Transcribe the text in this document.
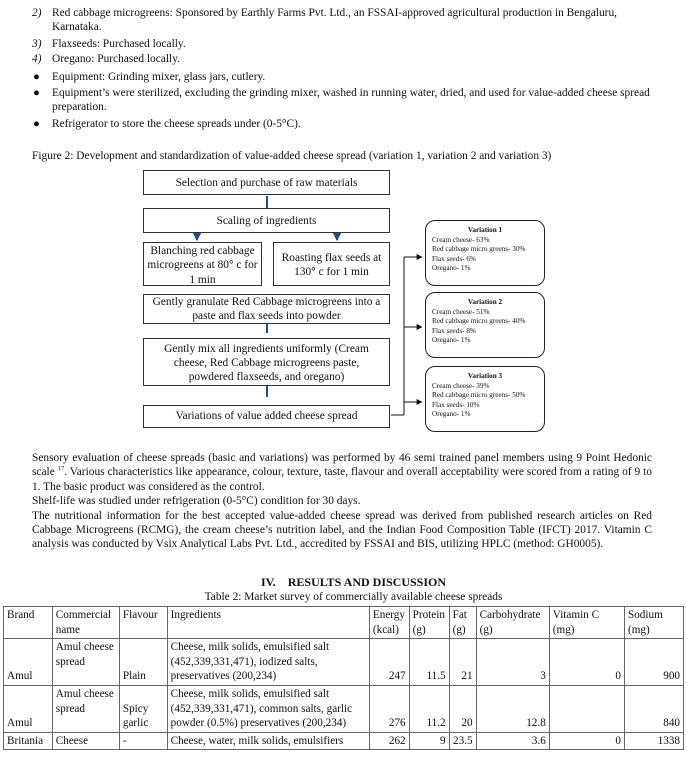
2) Red cabbage microgreens: Sponsored by Earthly Farms Pvt. Ltd., an FSSAI-approved agricultural production in Bengaluru, Karnataka.
3) Flaxseeds: Purchased locally.
4) Oregano: Purchased locally.
● Equipment: Grinding mixer, glass jars, cutlery.
● Equipment’s were sterilized, excluding the grinding mixer, washed in running water, dried, and used for value-added cheese spread preparation.
● Refrigerator to store the cheese spreads under (0-5°C).
Figure 2: Development and standardization of value-added cheese spread (variation 1, variation 2 and variation 3)
Selection and purchase of raw materials
Scaling of ingredients
Blanching red cabbage microgreens at 80° c for 1 min
Roasting flax seeds at 130° c for 1 min
Gently granulate Red Cabbage microgreens into a paste and flax seeds into powder
Gently mix all ingredients uniformly (Cream cheese, Red Cabbage microgreens paste, powdered flaxseeds, and oregano)
Variations of value added cheese spread
Variation 1
Cream cheese- 63%
Red cabbage micro greens- 30%
Flax seeds- 6%
Oregano- 1%
Variation 2
Cream cheese- 51%
Red cabbage micro greens- 40%
Flax seeds- 8%
Oregano- 1%
Variation 3
Cream cheese- 39%
Red cabbage micro greens- 50%
Flax seeds- 10%
Oregano- 1%

Sensory evaluation of cheese spreads (basic and variations) was performed by 46 semi trained panel members using 9 Point Hedonic scale $^{17}$. Various characteristics like appearance, colour, texture, taste, flavour and overall acceptability were scored from a rating of 9 to 1. The basic product was considered as the control.

Shelf-life was studied under refrigeration (0-5°C) condition for 30 days.

The nutritional information for the best accepted value-added cheese spread was derived from published research articles on Red Cabbage Microgreens (RCMG), the cream cheese’s nutrition label, and the Indian Food Composition Table (IFCT) 2017. Vitamin C analysis was conducted by Vsix Analytical Labs Pvt. Ltd., accredited by FSSAI and BIS, utilizing HPLC (method: GH0005).

IV.    RESULTS AND DISCUSSION
Table 2: Market survey of commercially available cheese spreads
Brand	Commercial name	Flavour	Ingredients	Energy (kcal)	Protein (g)	Fat (g)	Carbohydrate (g)	Vitamin C (mg)	Sodium (mg)
Amul	Amul cheese spread	Plain	Cheese, milk solids, emulsified salt (452,339,331,471), iodized salts, preservatives (200,234)	247	11.5	21	3	0	900
Amul	Amul cheese spread	Spicy garlic	Cheese, milk solids, emulsified salt (452,339,331,471), common salts, garlic powder (0.5%) preservatives (200,234)	276	11.2	20	12.8		840
Britania	Cheese	-	Cheese, water, milk solids, emulsifiers	262	9	23.5	3.6	0	1338
